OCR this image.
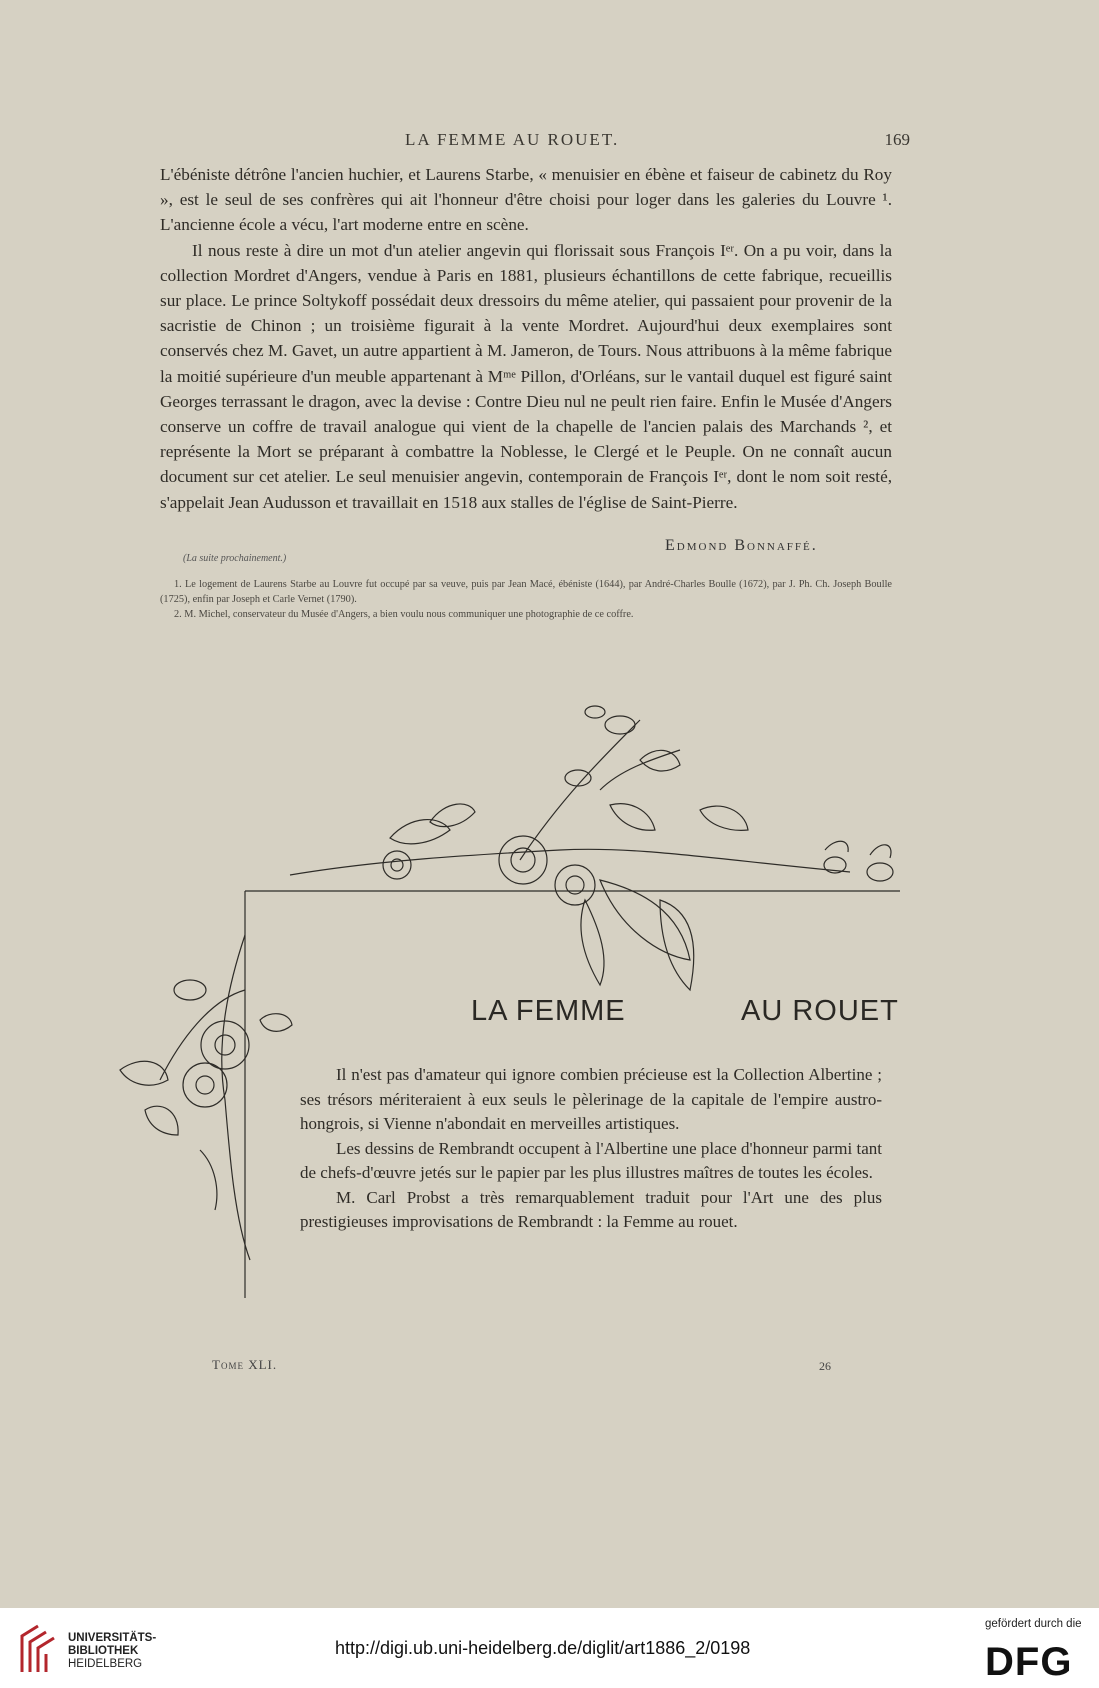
LA FEMME AU ROUET.	169

L'ébéniste détrône l'ancien huchier, et Laurens Starbe, « menuisier en ébène et faiseur de cabinetz du Roy », est le seul de ses confrères qui ait l'honneur d'être choisi pour loger dans les galeries du Louvre ¹. L'ancienne école a vécu, l'art moderne entre en scène.

Il nous reste à dire un mot d'un atelier angevin qui florissait sous François Iᵉʳ. On a pu voir, dans la collection Mordret d'Angers, vendue à Paris en 1881, plusieurs échantillons de cette fabrique, recueillis sur place. Le prince Soltykoff possédait deux dressoirs du même atelier, qui passaient pour provenir de la sacristie de Chinon ; un troisième figurait à la vente Mordret. Aujourd'hui deux exemplaires sont conservés chez M. Gavet, un autre appartient à M. Jameron, de Tours. Nous attribuons à la même fabrique la moitié supérieure d'un meuble appartenant à Mᵐᵉ Pillon, d'Orléans, sur le vantail duquel est figuré saint Georges terrassant le dragon, avec la devise : Contre Dieu nul ne peult rien faire. Enfin le Musée d'Angers conserve un coffre de travail analogue qui vient de la chapelle de l'ancien palais des Marchands ², et représente la Mort se préparant à combattre la Noblesse, le Clergé et le Peuple. On ne connaît aucun document sur cet atelier. Le seul menuisier angevin, contemporain de François Iᵉʳ, dont le nom soit resté, s'appelait Jean Audusson et travaillait en 1518 aux stalles de l'église de Saint-Pierre.

Edmond Bonnaffé.
(La suite prochainement.)

1. Le logement de Laurens Starbe au Louvre fut occupé par sa veuve, puis par Jean Macé, ébéniste (1644), par André-Charles Boulle (1672), par J. Ph. Ch. Joseph Boulle (1725), enfin par Joseph et Carle Vernet (1790).

2. M. Michel, conservateur du Musée d'Angers, a bien voulu nous communiquer une photographie de ce coffre.

LA FEMME	AU ROUET

Il n'est pas d'amateur qui ignore combien précieuse est la Collection Albertine ; ses trésors mériteraient à eux seuls le pèlerinage de la capitale de l'empire austro-hongrois, si Vienne n'abondait en merveilles artistiques.

Les dessins de Rembrandt occupent à l'Albertine une place d'honneur parmi tant de chefs-d'œuvre jetés sur le papier par les plus illustres maîtres de toutes les écoles.

M. Carl Probst a très remarquablement traduit pour l'Art une des plus prestigieuses improvisations de Rembrandt : la Femme au rouet.

Tome XLI.	26
UNIVERSITÄTS-
BIBLIOTHEK
HEIDELBERG
http://digi.ub.uni-heidelberg.de/diglit/art1886_2/0198
gefördert durch die
DFG
